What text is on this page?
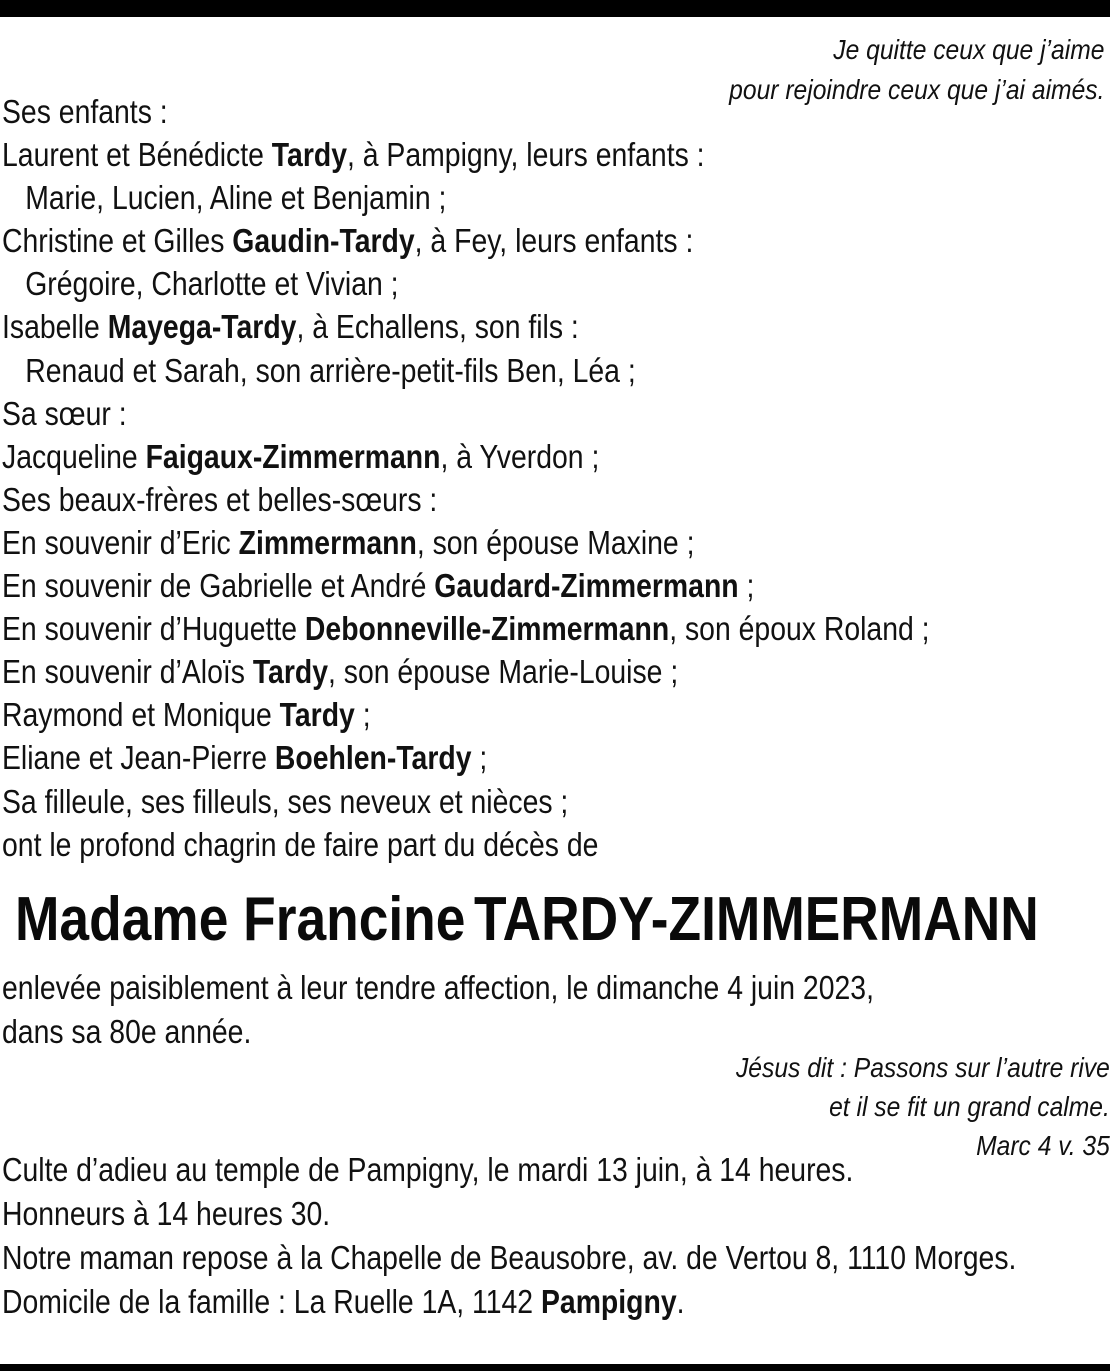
Je quitte ceux que j’aime
pour rejoindre ceux que j’ai aimés.
Ses enfants :
Laurent et Bénédicte Tardy, à Pampigny, leurs enfants :
Marie, Lucien, Aline et Benjamin ;
Christine et Gilles Gaudin-Tardy, à Fey, leurs enfants :
Grégoire, Charlotte et Vivian ;
Isabelle Mayega-Tardy, à Echallens, son fils :
Renaud et Sarah, son arrière-petit-fils Ben, Léa ;
Sa sœur :
Jacqueline Faigaux-Zimmermann, à Yverdon ;
Ses beaux-frères et belles-sœurs :
En souvenir d’Eric Zimmermann, son épouse Maxine ;
En souvenir de Gabrielle et André Gaudard-Zimmermann ;
En souvenir d’Huguette Debonneville-Zimmermann, son époux Roland ;
En souvenir d’Aloïs Tardy, son épouse Marie-Louise ;
Raymond et Monique Tardy ;
Eliane et Jean-Pierre Boehlen-Tardy ;
Sa filleule, ses filleuls, ses neveux et nièces ;
ont le profond chagrin de faire part du décès de
Madame Francine TARDY-ZIMMERMANN
enlevée paisiblement à leur tendre affection, le dimanche 4 juin 2023,
dans sa 80e année.
Jésus dit : Passons sur l’autre rive
et il se fit un grand calme.
Marc 4 v. 35
Culte d’adieu au temple de Pampigny, le mardi 13 juin, à 14 heures.
Honneurs à 14 heures 30.
Notre maman repose à la Chapelle de Beausobre, av. de Vertou 8, 1110 Morges.
Domicile de la famille : La Ruelle 1A, 1142 Pampigny.
